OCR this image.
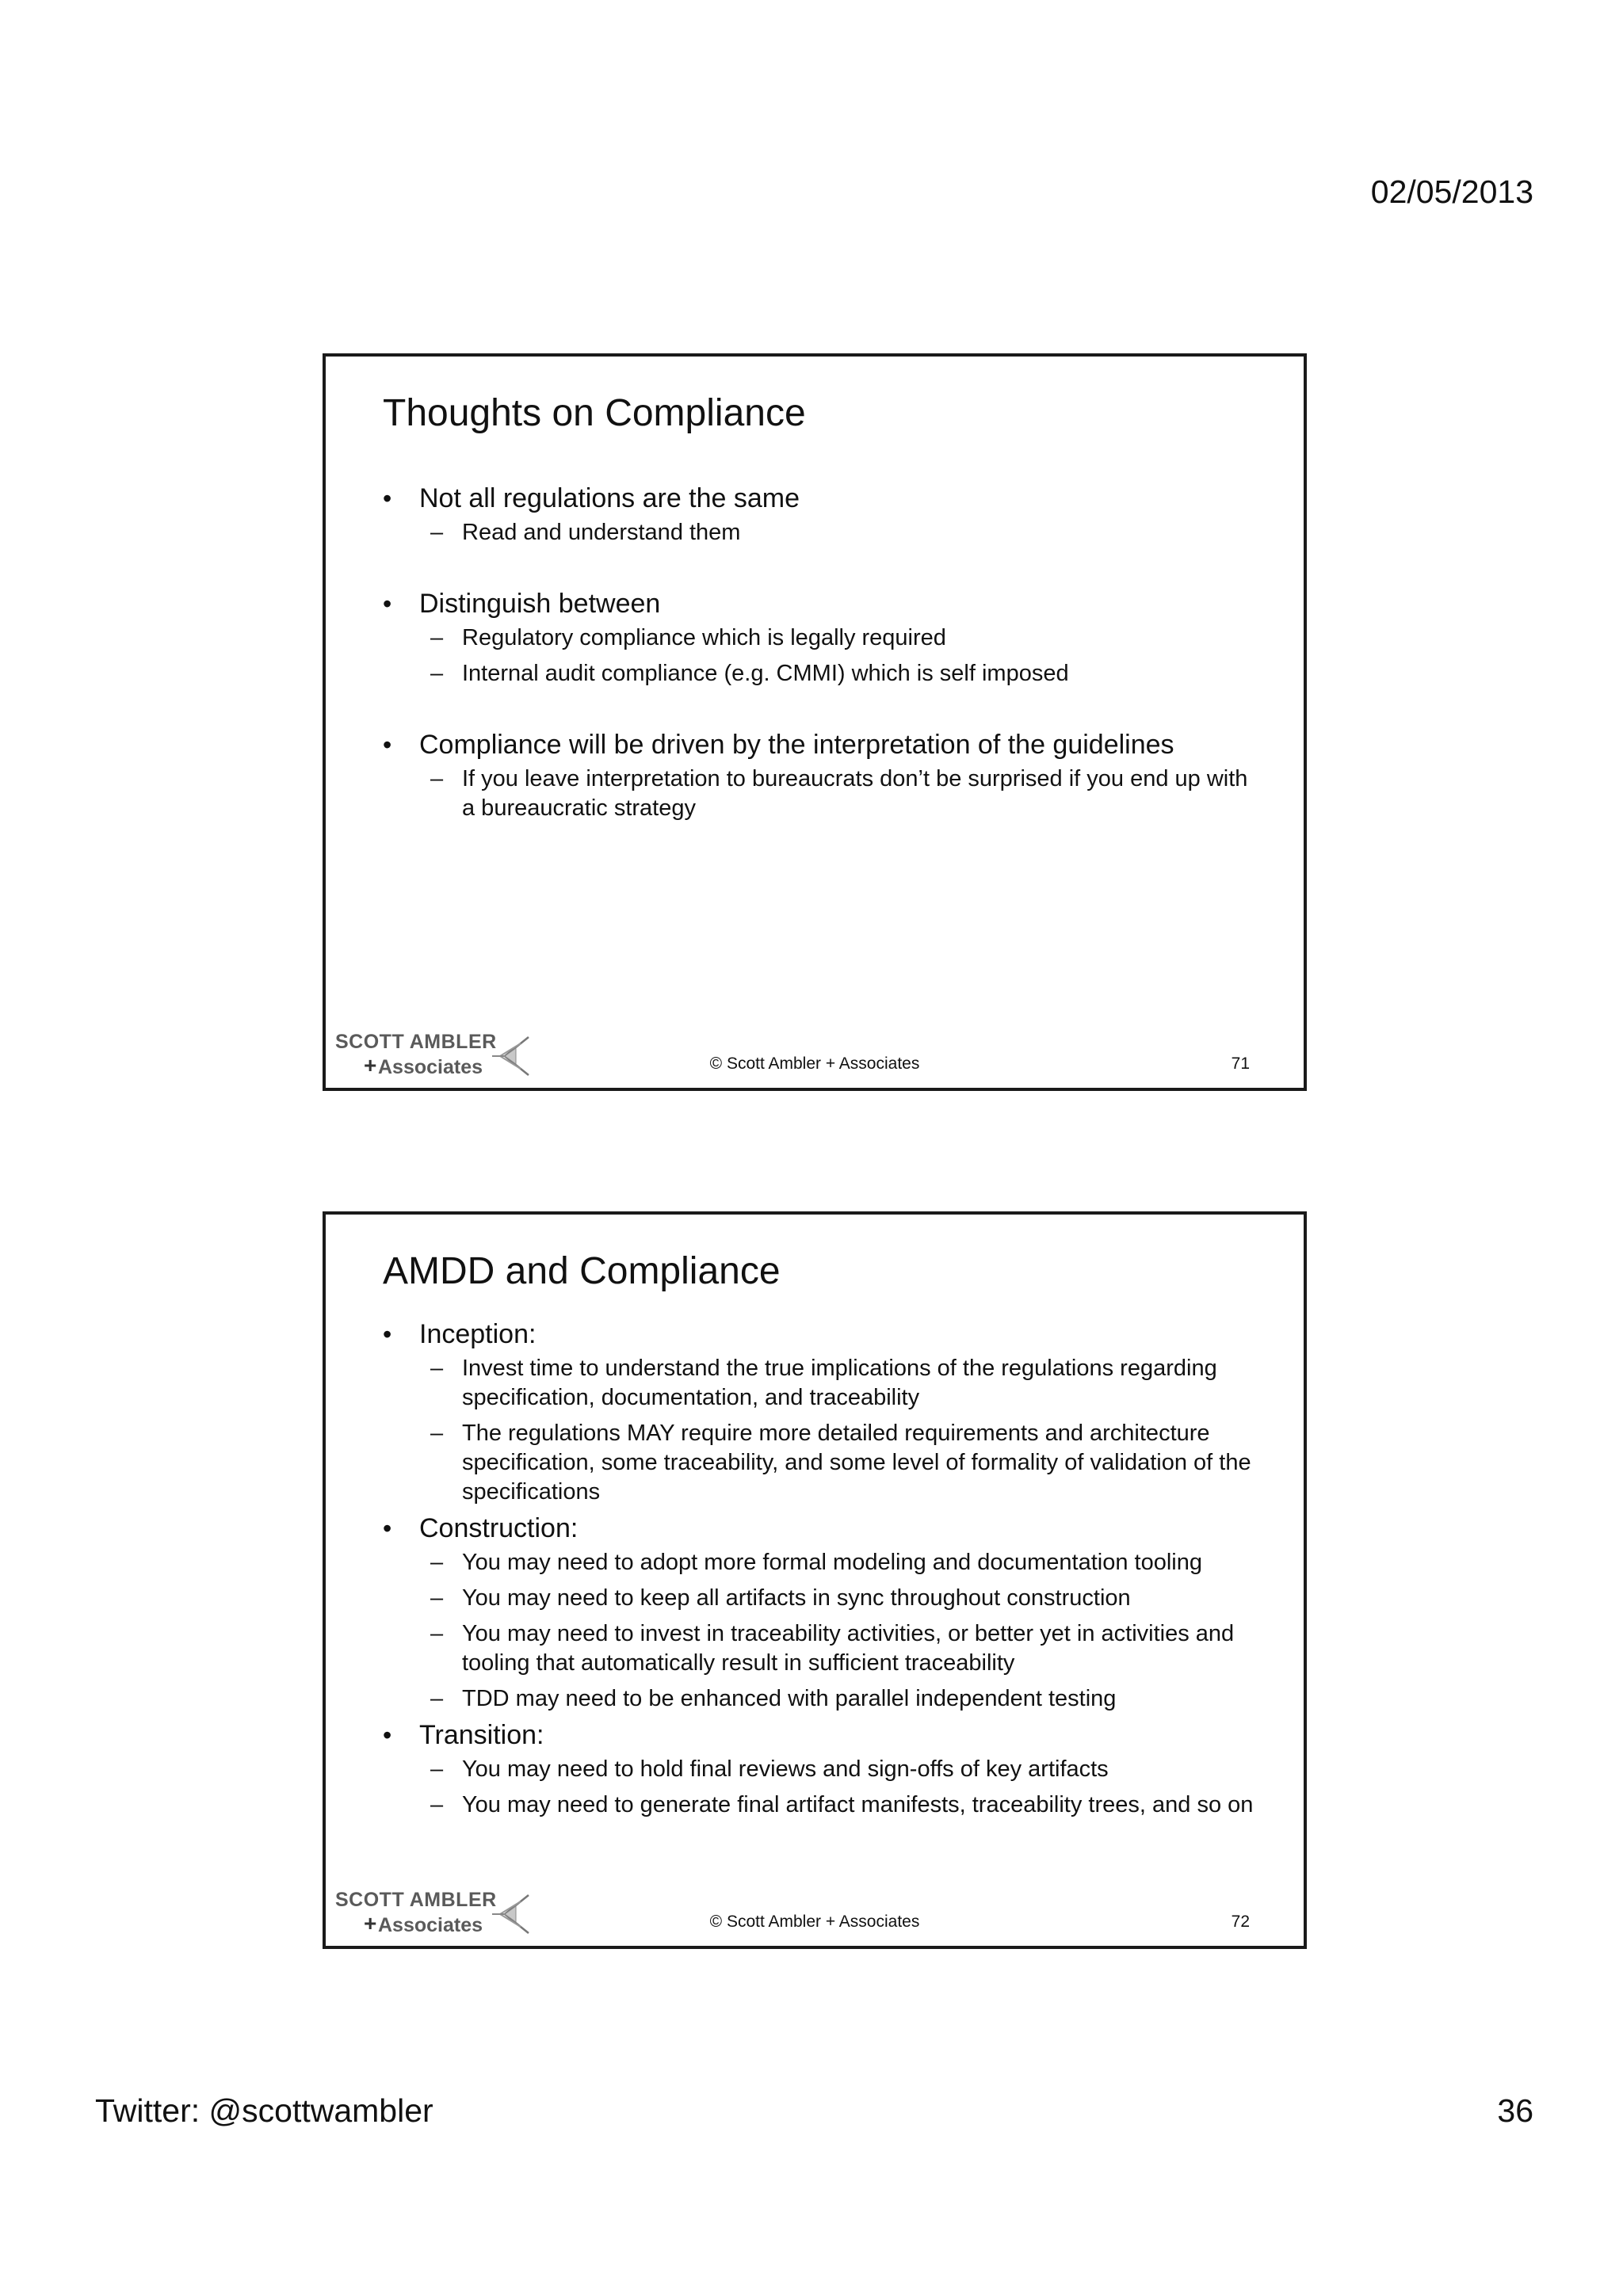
02/05/2013
Thoughts on Compliance
•	Not all regulations are the same
– Read and understand them
•	Distinguish between
– Regulatory compliance which is legally required
– Internal audit compliance (e.g. CMMI) which is self imposed
•	Compliance will be driven by the interpretation of the guidelines
– If you leave interpretation to bureaucrats don’t be surprised if you end up with a bureaucratic strategy
SCOTT AMBLER
+ Associates	© Scott Ambler + Associates	71
AMDD and Compliance
•	Inception:
– Invest time to understand the true implications of the regulations regarding specification, documentation, and traceability
– The regulations MAY require more detailed requirements and architecture specification, some traceability, and some level of formality of validation of the specifications
•	Construction:
– You may need to adopt more formal modeling and documentation tooling
– You may need to keep all artifacts in sync throughout construction
– You may need to invest in traceability activities, or better yet in activities and tooling that automatically result in sufficient traceability
– TDD may need to be enhanced with parallel independent testing
•	Transition:
– You may need to hold final reviews and sign-offs of key artifacts
– You may need to generate final artifact manifests, traceability trees, and so on
SCOTT AMBLER
+ Associates	© Scott Ambler + Associates	72
Twitter: @scottwambler	36
